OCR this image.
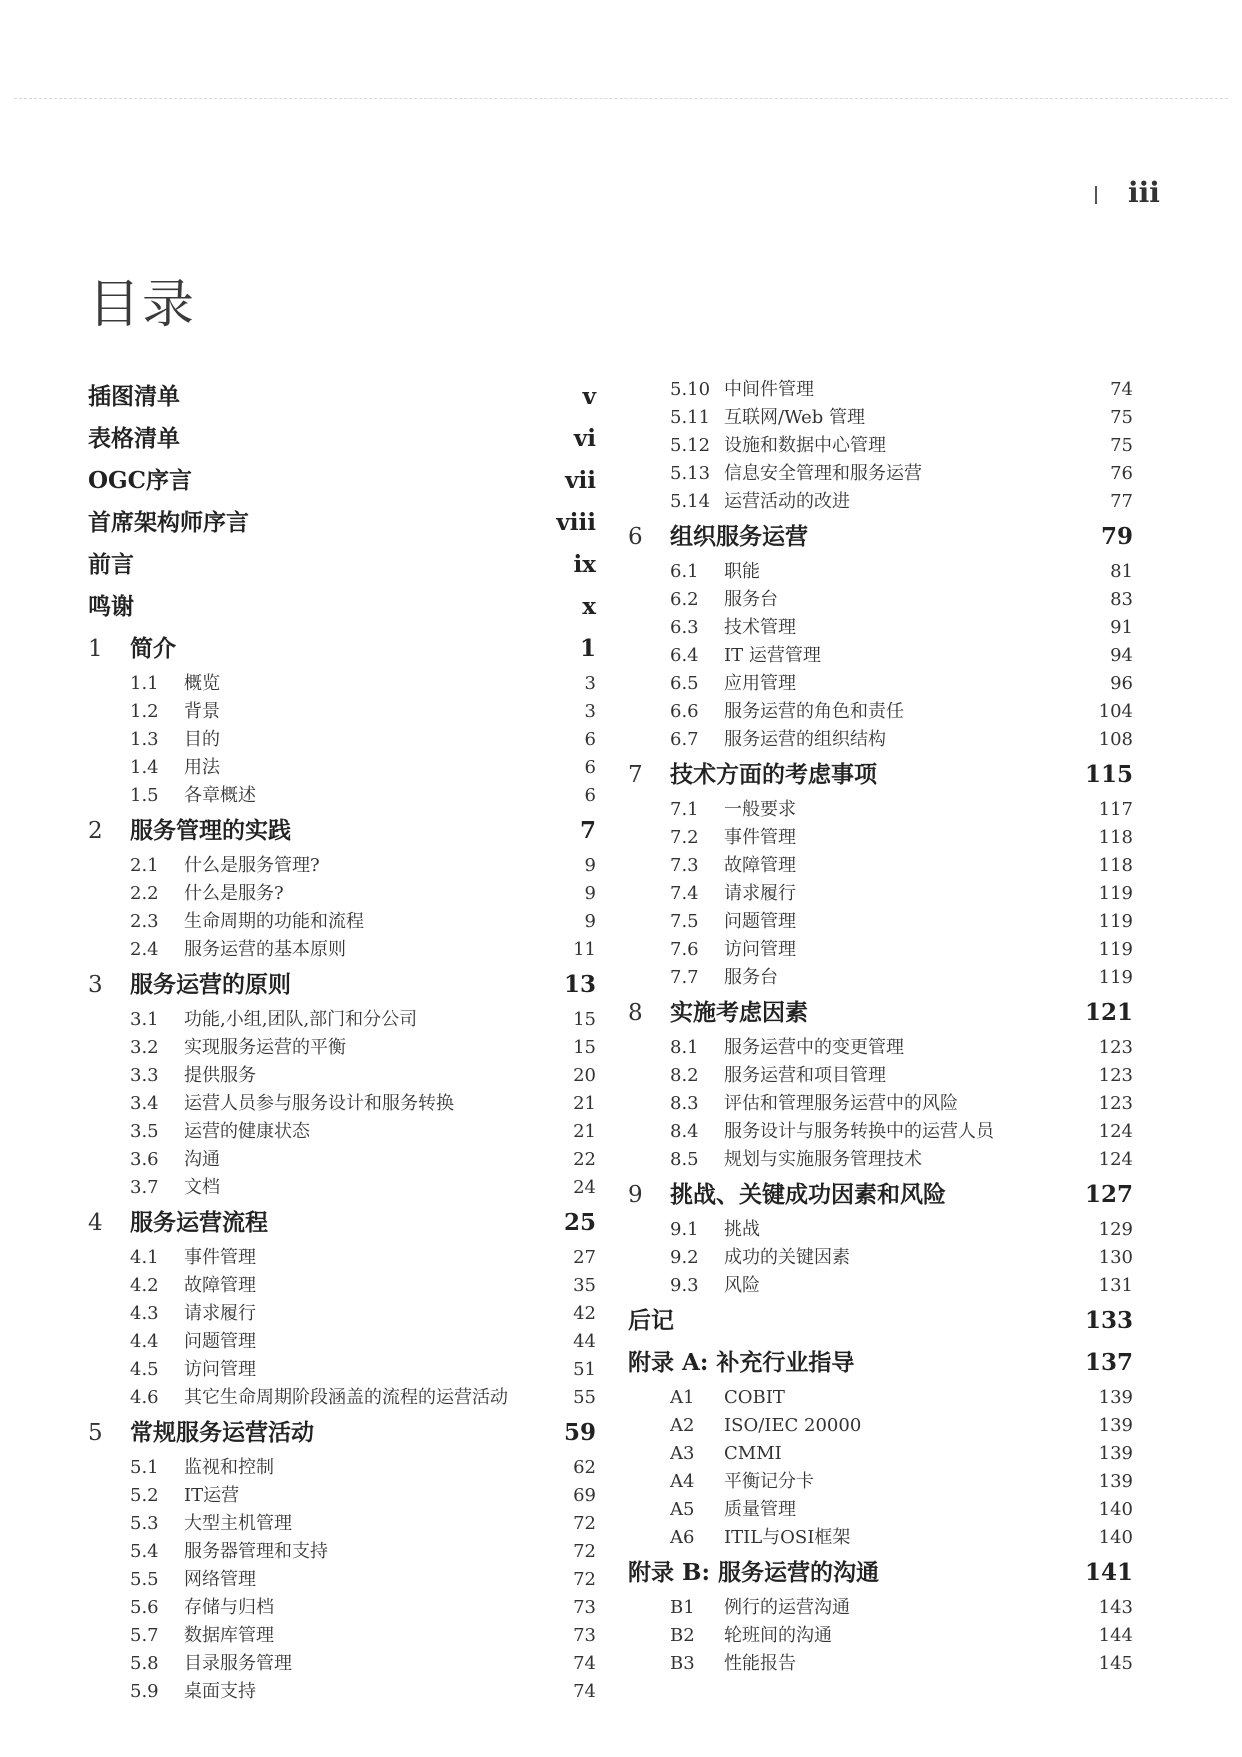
iii
目录
插图清单	v
表格清单	vi
OGC序言	vii
首席架构师序言	viii
前言	ix
鸣谢	x
1	简介	1
1.1	概览	3
1.2	背景	3
1.3	目的	6
1.4	用法	6
1.5	各章概述	6
2	服务管理的实践	7
2.1	什么是服务管理?	9
2.2	什么是服务?	9
2.3	生命周期的功能和流程	9
2.4	服务运营的基本原则	11
3	服务运营的原则	13
3.1	功能,小组,团队,部门和分公司	15
3.2	实现服务运营的平衡	15
3.3	提供服务	20
3.4	运营人员参与服务设计和服务转换	21
3.5	运营的健康状态	21
3.6	沟通	22
3.7	文档	24
4	服务运营流程	25
4.1	事件管理	27
4.2	故障管理	35
4.3	请求履行	42
4.4	问题管理	44
4.5	访问管理	51
4.6	其它生命周期阶段涵盖的流程的运营活动	55
5	常规服务运营活动	59
5.1	监视和控制	62
5.2	IT运营	69
5.3	大型主机管理	72
5.4	服务器管理和支持	72
5.5	网络管理	72
5.6	存储与归档	73
5.7	数据库管理	73
5.8	目录服务管理	74
5.9	桌面支持	74
5.10 中间件管理	74
5.11 互联网/Web 管理	75
5.12 设施和数据中心管理	75
5.13 信息安全管理和服务运营	76
5.14 运营活动的改进	77
6	组织服务运营	79
6.1	职能	81
6.2	服务台	83
6.3	技术管理	91
6.4	IT 运营管理	94
6.5	应用管理	96
6.6	服务运营的角色和责任	104
6.7	服务运营的组织结构	108
7	技术方面的考虑事项	115
7.1	一般要求	117
7.2	事件管理	118
7.3	故障管理	118
7.4	请求履行	119
7.5	问题管理	119
7.6	访问管理	119
7.7	服务台	119
8	实施考虑因素	121
8.1	服务运营中的变更管理	123
8.2	服务运营和项目管理	123
8.3	评估和管理服务运营中的风险	123
8.4	服务设计与服务转换中的运营人员	124
8.5	规划与实施服务管理技术	124
9	挑战、关键成功因素和风险	127
9.1	挑战	129
9.2	成功的关键因素	130
9.3	风险	131
后记	133
附录 A: 补充行业指导	137
A1	COBIT	139
A2	ISO/IEC 20000	139
A3	CMMI	139
A4	平衡记分卡	139
A5	质量管理	140
A6	ITIL与OSI框架	140
附录 B: 服务运营的沟通	141
B1	例行的运营沟通	143
B2	轮班间的沟通	144
B3	性能报告	145
